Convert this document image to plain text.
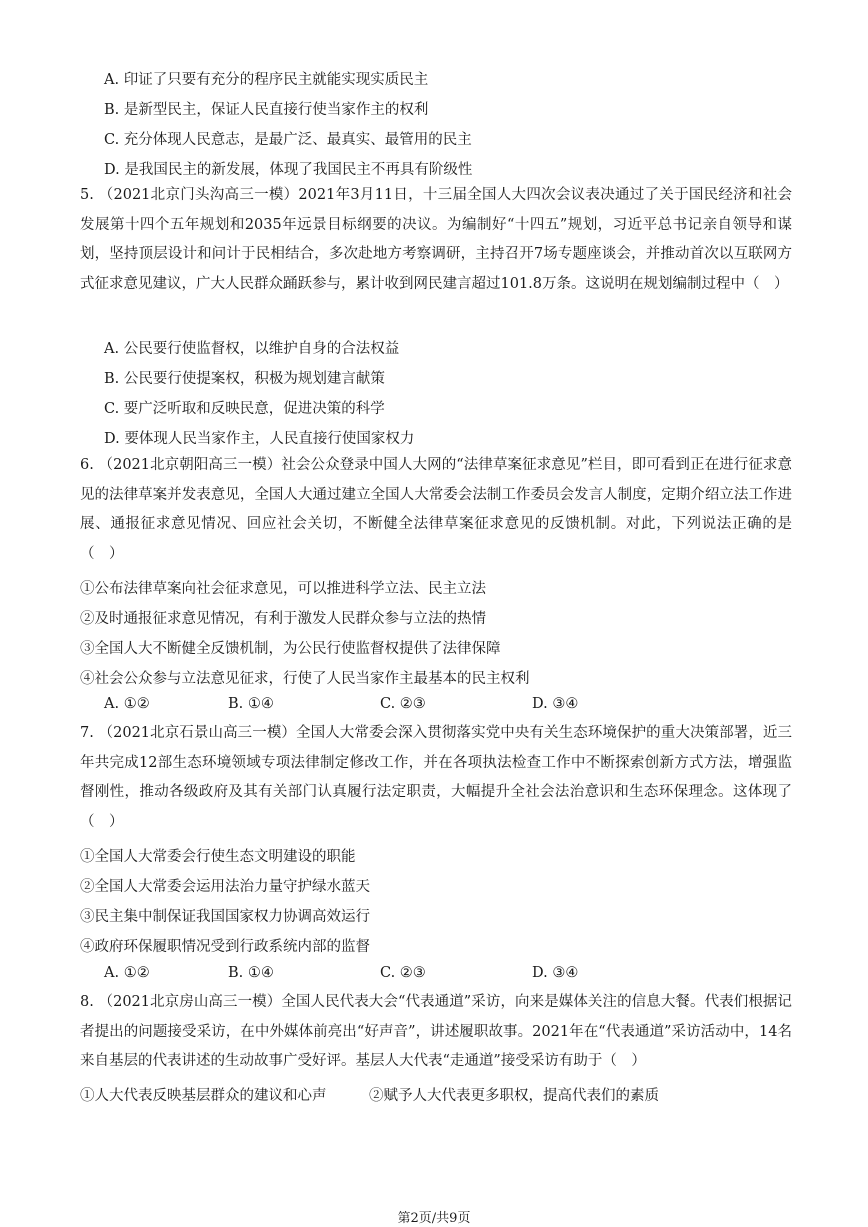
A. 印证了只要有充分的程序民主就能实现实质民主
B. 是新型民主，保证人民直接行使当家作主的权利
C. 充分体现人民意志，是最广泛、最真实、最管用的民主
D. 是我国民主的新发展，体现了我国民主不再具有阶级性
5. （2021北京门头沟高三一模）2021年3月11日，十三届全国人大四次会议表决通过了关于国民经济和社会发展第十四个五年规划和2035年远景目标纲要的决议。为编制好“十四五”规划，习近平总书记亲自领导和谋划，坚持顶层设计和问计于民相结合，多次赴地方考察调研，主持召开7场专题座谈会，并推动首次以互联网方式征求意见建议，广大人民群众踊跃参与，累计收到网民建言超过101.8万条。这说明在规划编制过程中（　）
A. 公民要行使监督权，以维护自身的合法权益
B. 公民要行使提案权，积极为规划建言献策
C. 要广泛听取和反映民意，促进决策的科学
D. 要体现人民当家作主，人民直接行使国家权力
6. （2021北京朝阳高三一模）社会公众登录中国人大网的“法律草案征求意见”栏目，即可看到正在进行征求意见的法律草案并发表意见，全国人大通过建立全国人大常委会法制工作委员会发言人制度，定期介绍立法工作进展、通报征求意见情况、回应社会关切，不断健全法律草案征求意见的反馈机制。对此，下列说法正确的是（　）
①公布法律草案向社会征求意见，可以推进科学立法、民主立法
②及时通报征求意见情况，有利于激发人民群众参与立法的热情
③全国人大不断健全反馈机制，为公民行使监督权提供了法律保障
④社会公众参与立法意见征求，行使了人民当家作主最基本的民主权利
A. ①②	B. ①④	C. ②③	D. ③④
7. （2021北京石景山高三一模）全国人大常委会深入贯彻落实党中央有关生态环境保护的重大决策部署，近三年共完成12部生态环境领域专项法律制定修改工作，并在各项执法检查工作中不断探索创新方式方法，增强监督刚性，推动各级政府及其有关部门认真履行法定职责，大幅提升全社会法治意识和生态环保理念。这体现了（　）
①全国人大常委会行使生态文明建设的职能
②全国人大常委会运用法治力量守护绿水蓝天
③民主集中制保证我国国家权力协调高效运行
④政府环保履职情况受到行政系统内部的监督
A. ①②	B. ①④	C. ②③	D. ③④
8. （2021北京房山高三一模）全国人民代表大会“代表通道”采访，向来是媒体关注的信息大餐。代表们根据记者提出的问题接受采访，在中外媒体前亮出“好声音”，讲述履职故事。2021年在“代表通道”采访活动中，14名来自基层的代表讲述的生动故事广受好评。基层人大代表“走通道”接受采访有助于（　）
①人大代表反映基层群众的建议和心声	②赋予人大代表更多职权，提高代表们的素质
第2页/共9页
